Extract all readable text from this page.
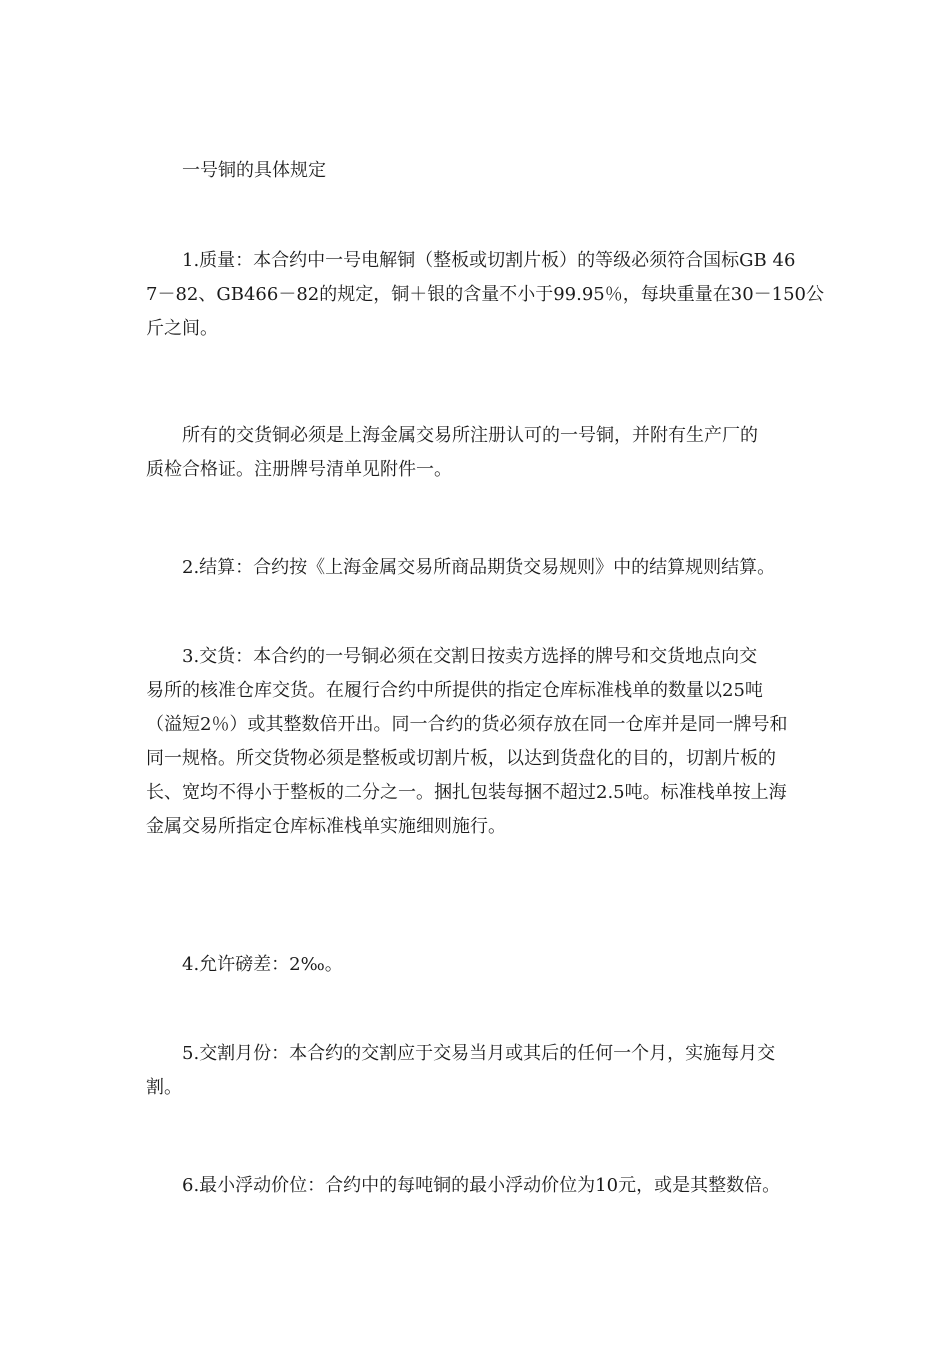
一号铜的具体规定

1.质量：本合约中一号电解铜（整板或切割片板）的等级必须符合国标GB 46
7－82、GB466－82的规定，铜＋银的含量不小于99.95％，每块重量在30－150公
斤之间。

所有的交货铜必须是上海金属交易所注册认可的一号铜，并附有生产厂的
质检合格证。注册牌号清单见附件一。

2.结算：合约按《上海金属交易所商品期货交易规则》中的结算规则结算。

3.交货：本合约的一号铜必须在交割日按卖方选择的牌号和交货地点向交
易所的核准仓库交货。在履行合约中所提供的指定仓库标准栈单的数量以25吨
（溢短2％）或其整数倍开出。同一合约的货必须存放在同一仓库并是同一牌号和
同一规格。所交货物必须是整板或切割片板，以达到货盘化的目的，切割片板的
长、宽均不得小于整板的二分之一。捆扎包装每捆不超过2.5吨。标准栈单按上海
金属交易所指定仓库标准栈单实施细则施行。

4.允许磅差：2‰。

5.交割月份：本合约的交割应于交易当月或其后的任何一个月，实施每月交
割。

6.最小浮动价位：合约中的每吨铜的最小浮动价位为10元，或是其整数倍。
